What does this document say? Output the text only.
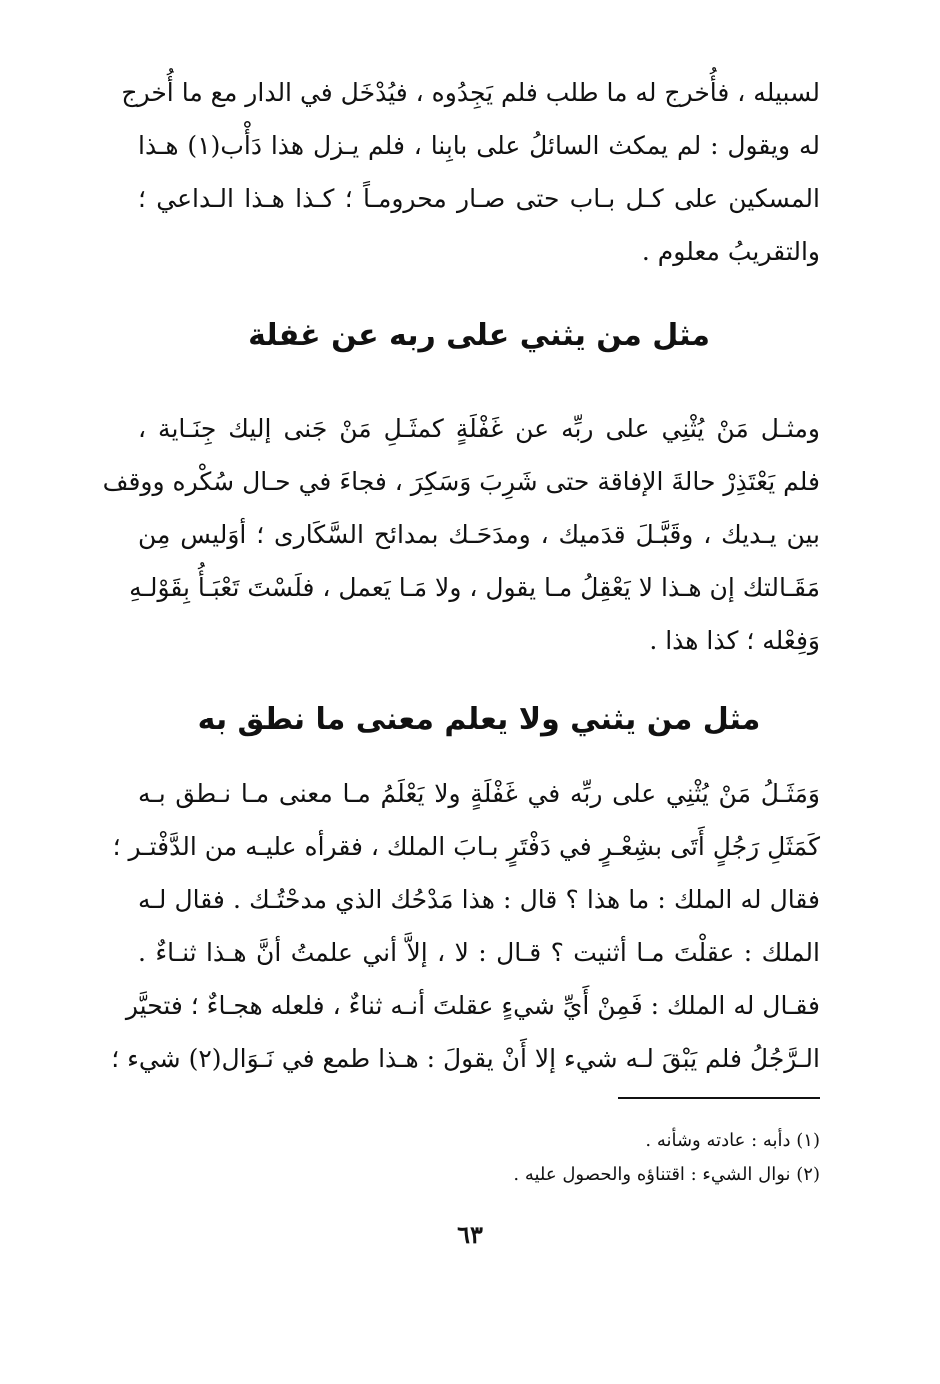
لسبيله ، فأُخرج له ما طلب فلم يَجِدُوه ، فيُدْخَل في الدار مع ما أُخرج
له ويقول : لم يمكث السائلُ على بابِنا ، فلم يـزل هذا دَأْب(١) هـذا
المسكين على كـل بـاب حتى صـار محرومـاً ؛ كـذا هـذا الـداعي ؛
والتقريبُ معلوم .

مثل من يثني على ربه عن غفلة

ومثـل مَنْ يُثْنِي على ربِّه عن غَفْلَةٍ كمثَـلِ مَنْ جَنى إليك جِنَـاية ،
فلم يَعْتَذِرْ حالةَ الإفاقة حتى شَرِبَ وَسَكِرَ ، فجاءَ في حـال سُكْره ووقف
بين يـديك ، وقَبَّـلَ قدَميك ، ومدَحَـك بمدائح السَّكَارى ؛ أوَليس مِن
مَقَـالتك إن هـذا لا يَعْقِلُ مـا يقول ، ولا مَـا يَعمل ، فلَسْتَ تَعْبَـأُ بِقَوْلـهِ
وَفِعْله ؛ كذا هذا .

مثل من يثني ولا يعلم معنى ما نطق به

وَمَثَـلُ مَنْ يُثْنِي على ربِّه في غَفْلَةٍ ولا يَعْلَمُ مـا معنى مـا نـطق بـه
كَمَثَلِ رَجُلٍ أَتَى بشِعْـرٍ في دَفْتَرٍ بـابَ الملك ، فقرأه عليـه من الدَّفْتـر ؛
فقال له الملك : ما هذا ؟ قال : هذا مَدْحُك الذي مدحْتُـك . فقال لـه
الملك : عقلْتَ مـا أثنيت ؟ قـال : لا ، إلاَّ أني علمتُ أنَّ هـذا ثنـاءٌ .
فقـال له الملك : فَمِنْ أَيِّ شيءٍ عقلتَ أنـه ثناءٌ ، فلعله هجـاءٌ ؛ فتحيَّر
الـرَّجُلُ فلم يَبْقَ لـه شيء إلا أَنْ يقولَ : هـذا طمع في نَـوَال(٢) شيء ؛

(١) دأبه : عادته وشأنه .

(٢) نوال الشيء : اقتناؤه والحصول عليه .

٦٣
